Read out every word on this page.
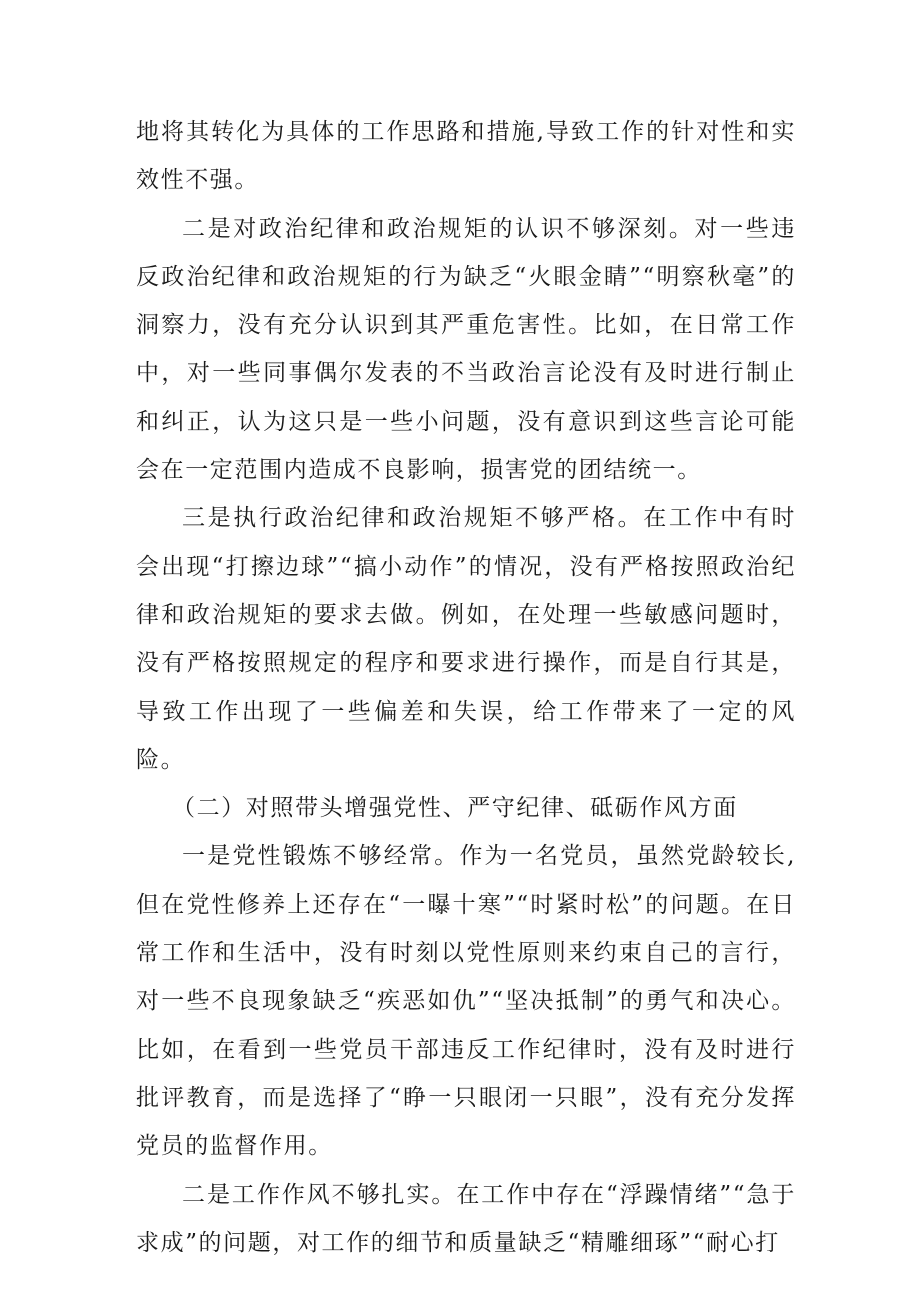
地将其转化为具体的工作思路和措施,导致工作的针对性和实效性不强。

二是对政治纪律和政治规矩的认识不够深刻。对一些违反政治纪律和政治规矩的行为缺乏“火眼金睛”“明察秋毫”的洞察力，没有充分认识到其严重危害性。比如，在日常工作中，对一些同事偶尔发表的不当政治言论没有及时进行制止和纠正，认为这只是一些小问题，没有意识到这些言论可能会在一定范围内造成不良影响，损害党的团结统一。

三是执行政治纪律和政治规矩不够严格。在工作中有时会出现“打擦边球”“搞小动作”的情况，没有严格按照政治纪律和政治规矩的要求去做。例如，在处理一些敏感问题时，没有严格按照规定的程序和要求进行操作，而是自行其是，导致工作出现了一些偏差和失误，给工作带来了一定的风险。

（二）对照带头增强党性、严守纪律、砥砺作风方面

一是党性锻炼不够经常。作为一名党员，虽然党龄较长,但在党性修养上还存在“一曝十寒”“时紧时松”的问题。在日常工作和生活中，没有时刻以党性原则来约束自己的言行，对一些不良现象缺乏“疾恶如仇”“坚决抵制”的勇气和决心。比如，在看到一些党员干部违反工作纪律时，没有及时进行批评教育，而是选择了“睁一只眼闭一只眼”，没有充分发挥党员的监督作用。

二是工作作风不够扎实。在工作中存在“浮躁情绪”“急于求成”的问题，对工作的细节和质量缺乏“精雕细琢”“耐心打
